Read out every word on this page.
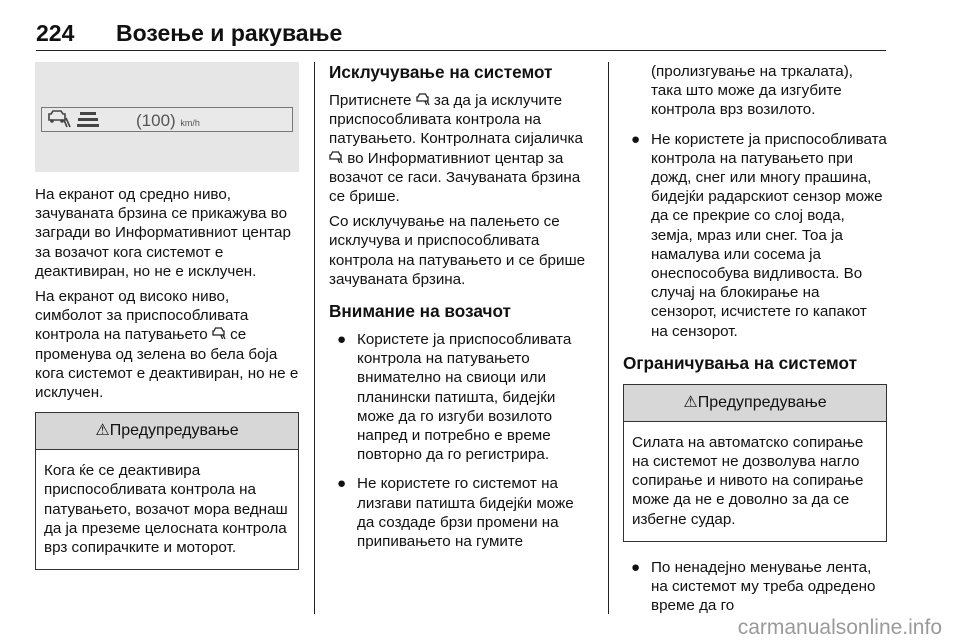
224 Возење и ракување
(100) km/h

На екранот од средно ниво, зачуваната брзина се прикажува во загради во Информативниот центар за возачот кога системот е деактивиран, но не е исклучен.

На екранот од високо ниво, симболот за приспособливата контрола на патувањето се променува од зелена во бела боја кога системот е деактивиран, но не е исклучен.

⚠Предупредување
Кога ќе се деактивира приспособливата контрола на патувањето, возачот мора веднаш да ја преземе целосната контрола врз сопирачките и моторот.
Исклучување на системот

Притиснете за да ја исклучите приспособливата контрола на патувањето. Контролната сијаличка  во Информативниот центар за возачот се гаси. Зачуваната брзина се брише.

Со исклучување на палењето се исклучува и приспособливата контрола на патувањето и се брише зачуваната брзина.

Внимание на возачот
● Користете ја приспособливата контрола на патувањето внимателно на свиоци или планински патишта, бидејќи може да го изгуби возилото напред и потребно е време повторно да го регистрира.
● Не користете го системот на лизгави патишта бидејќи може да создаде брзи промени на припивањето на гумите

(пролизгување на тркалата), така што може да изгубите контрола врз возилото.

● Не користете ја приспособливата контрола на патувањето при дожд, снег или многу прашина, бидејќи радарскиот сензор може да се прекрие со слој вода, земја, мраз или снег. Тоа ја намалува или сосема ја онеспособува видливоста. Во случај на блокирање на сензорот, исчистете го капакот на сензорот.
Ограничувања на системот
⚠Предупредување
Силата на автоматско сопирање на системот не дозволува нагло сопирање и нивото на сопирање може да не е доволно за да се избегне судар.
● По ненадејно менување лента, на системот му треба одредено време да го
carmanualsonline.info
